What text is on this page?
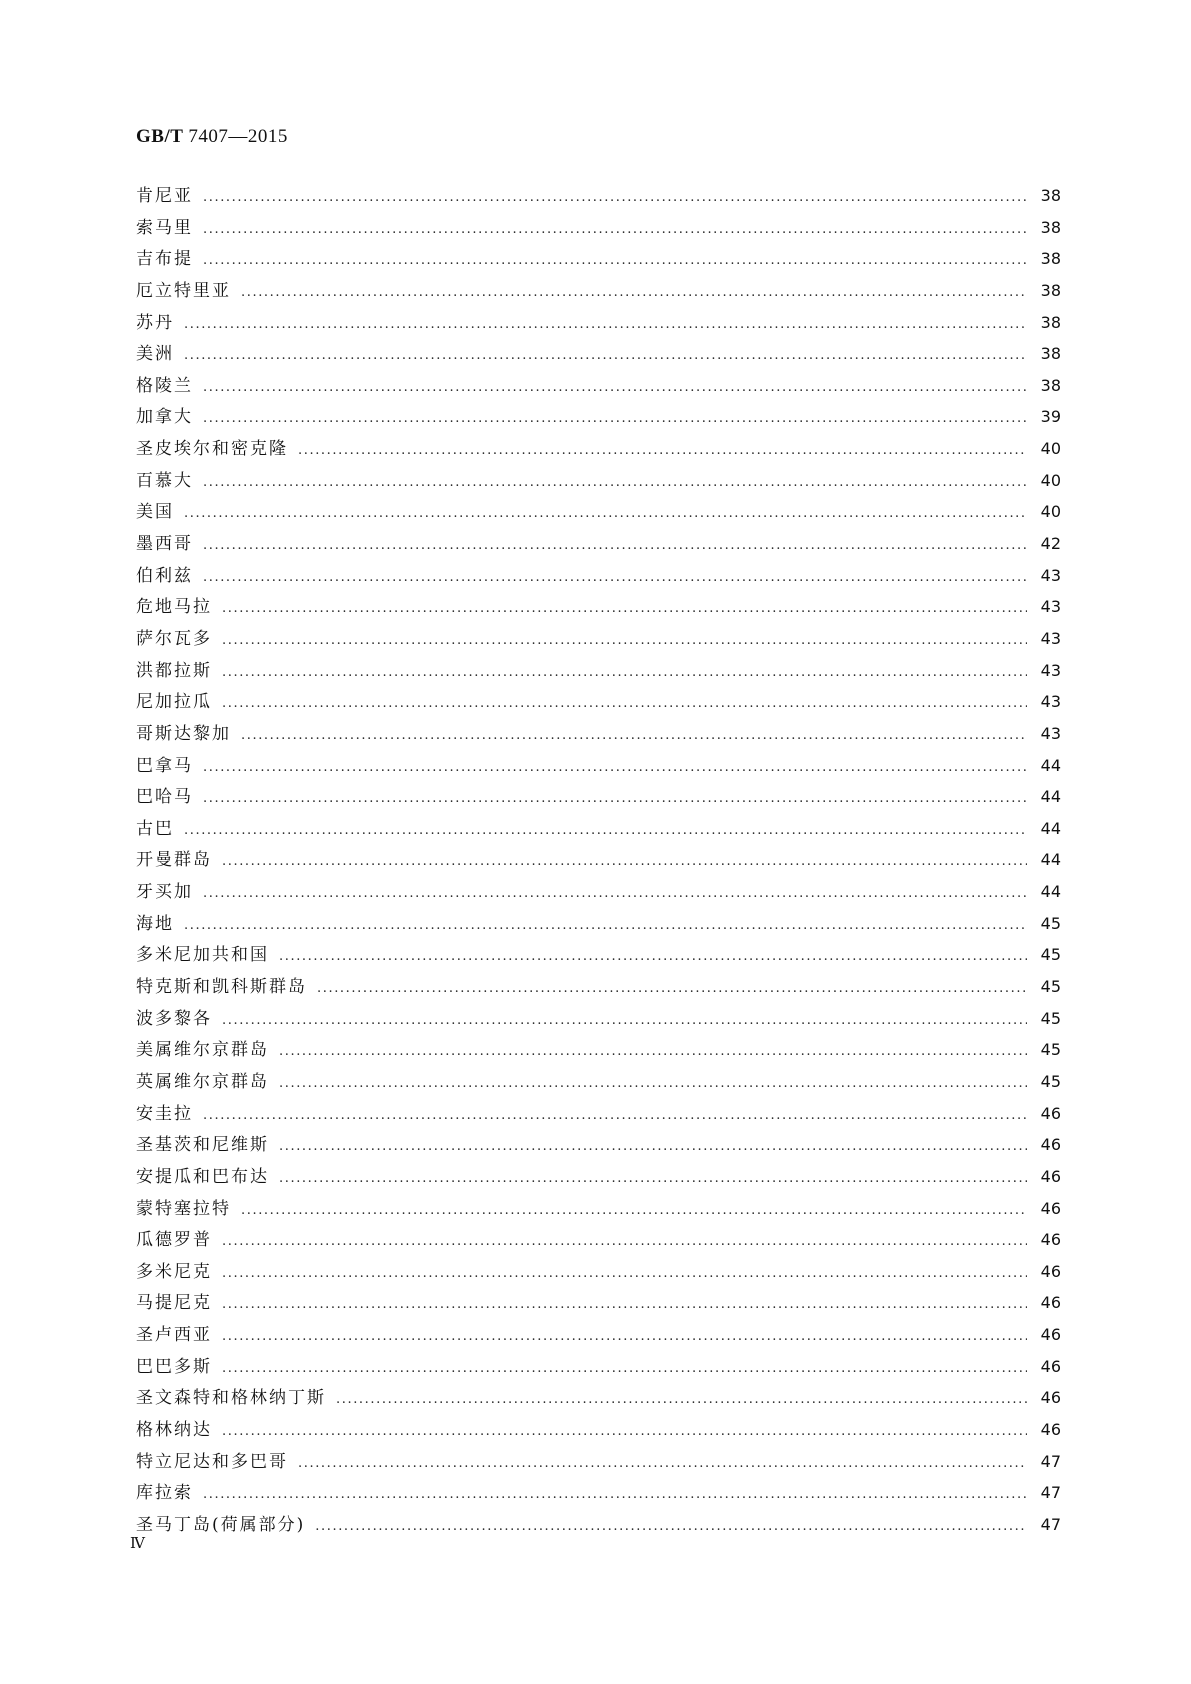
GB/T 7407—2015
肯尼亚 .....	38
索马里 .....	38
吉布提 .....	38
厄立特里亚 .....	38
苏丹 .....	38
美洲 .....	38
格陵兰 .....	38
加拿大 .....	39
圣皮埃尔和密克隆 .....	40
百慕大 .....	40
美国 .....	40
墨西哥 .....	42
伯利兹 .....	43
危地马拉 .....	43
萨尔瓦多 .....	43
洪都拉斯 .....	43
尼加拉瓜 .....	43
哥斯达黎加 .....	43
巴拿马 .....	44
巴哈马 .....	44
古巴 .....	44
开曼群岛 .....	44
牙买加 .....	44
海地 .....	45
多米尼加共和国 .....	45
特克斯和凯科斯群岛 .....	45
波多黎各 .....	45
美属维尔京群岛 .....	45
英属维尔京群岛 .....	45
安圭拉 .....	46
圣基茨和尼维斯 .....	46
安提瓜和巴布达 .....	46
蒙特塞拉特 .....	46
瓜德罗普 .....	46
多米尼克 .....	46
马提尼克 .....	46
圣卢西亚 .....	46
巴巴多斯 .....	46
圣文森特和格林纳丁斯 .....	46
格林纳达 .....	46
特立尼达和多巴哥 .....	47
库拉索 .....	47
圣马丁岛(荷属部分) .....	47
Ⅳ
